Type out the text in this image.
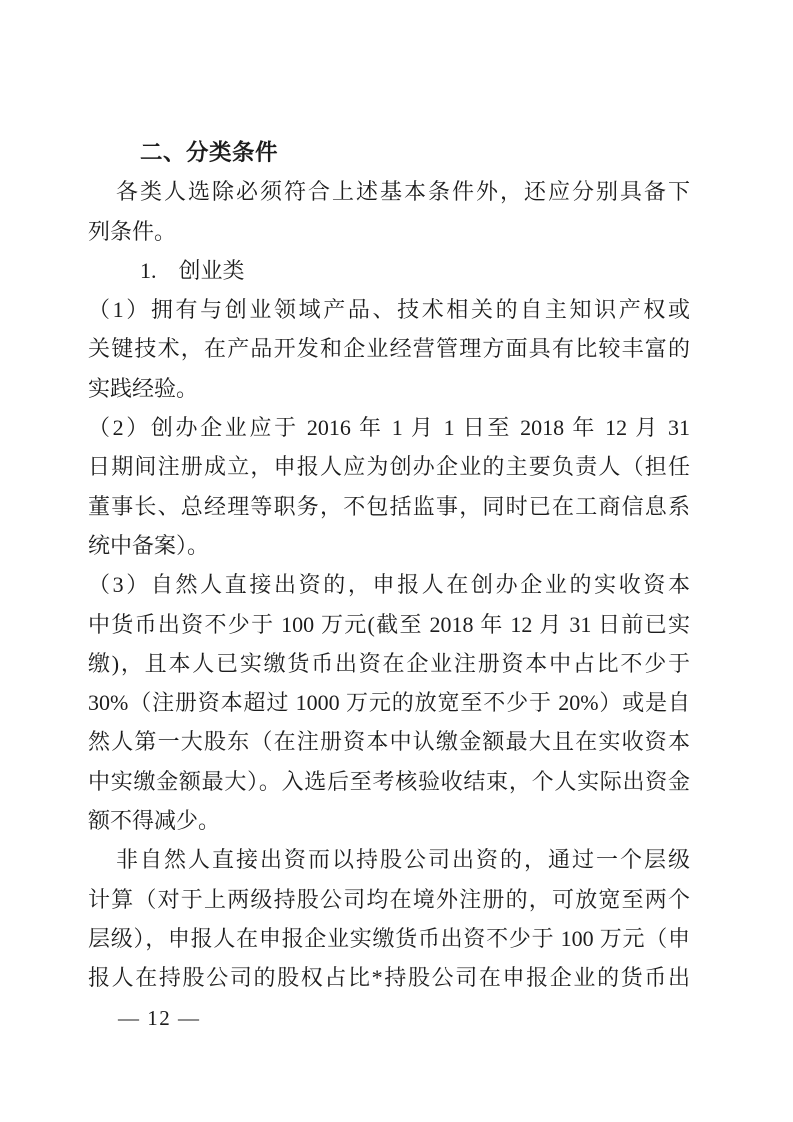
二、分类条件
各类人选除必须符合上述基本条件外，还应分别具备下
列条件。
1. 创业类
（1）拥有与创业领域产品、技术相关的自主知识产权或
关键技术，在产品开发和企业经营管理方面具有比较丰富的
实践经验。
（2）创办企业应于 2016 年 1 月 1 日至 2018 年 12 月 31
日期间注册成立，申报人应为创办企业的主要负责人（担任
董事长、总经理等职务，不包括监事，同时已在工商信息系
统中备案）。
（3）自然人直接出资的，申报人在创办企业的实收资本
中货币出资不少于 100 万元(截至 2018 年 12 月 31 日前已实
缴)，且本人已实缴货币出资在企业注册资本中占比不少于
30%（注册资本超过 1000 万元的放宽至不少于 20%）或是自
然人第一大股东（在注册资本中认缴金额最大且在实收资本
中实缴金额最大）。入选后至考核验收结束，个人实际出资金
额不得减少。
非自然人直接出资而以持股公司出资的，通过一个层级
计算（对于上两级持股公司均在境外注册的，可放宽至两个
层级），申报人在申报企业实缴货币出资不少于 100 万元（申
报人在持股公司的股权占比*持股公司在申报企业的货币出
— 12 —
